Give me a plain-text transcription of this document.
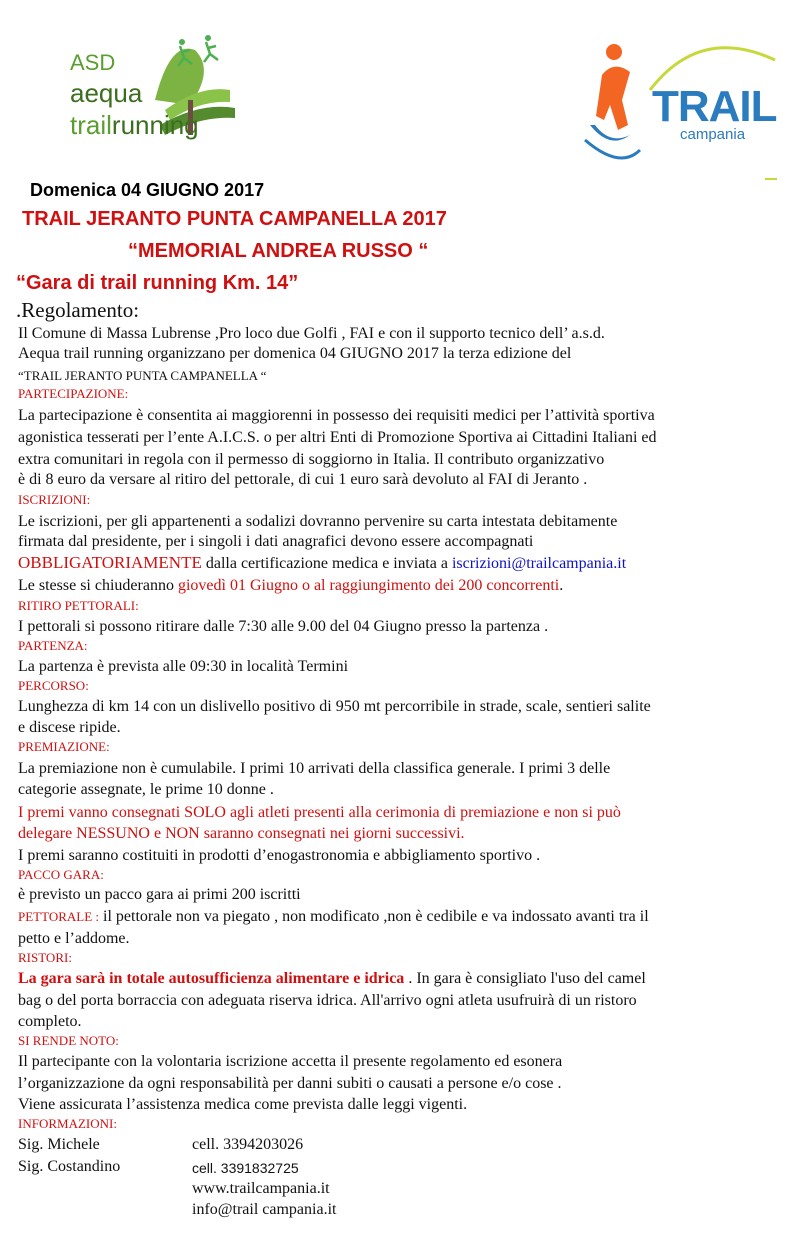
ASD
aequa
trailrunning	TRAIL
campania
Domenica 04 GIUGNO 2017
TRAIL JERANTO PUNTA CAMPANELLA 2017
“MEMORIAL ANDREA RUSSO “
“Gara di trail running Km. 14”
.Regolamento:
Il Comune di Massa Lubrense ,Pro loco due Golfi , FAI e con il supporto tecnico dell’ a.s.d.
Aequa trail running organizzano per domenica 04 GIUGNO 2017 la terza edizione del
“TRAIL JERANTO PUNTA CAMPANELLA “
PARTECIPAZIONE:
La partecipazione è consentita ai maggiorenni in possesso dei requisiti medici per l’attività sportiva
agonistica tesserati per l’ente A.I.C.S. o per altri Enti di Promozione Sportiva ai Cittadini Italiani ed
extra comunitari in regola con il permesso di soggiorno in Italia. Il contributo organizzativo
è di 8 euro da versare al ritiro del pettorale, di cui 1 euro sarà devoluto al FAI di Jeranto .
ISCRIZIONI:
Le iscrizioni, per gli appartenenti a sodalizi dovranno pervenire su carta intestata debitamente
firmata dal presidente, per i singoli i dati anagrafici devono essere accompagnati
OBBLIGATORIAMENTE dalla certificazione medica e inviata a iscrizioni@trailcampania.it
Le stesse si chiuderanno giovedì 01 Giugno o al raggiungimento dei 200 concorrenti.
RITIRO PETTORALI:
I pettorali si possono ritirare dalle 7:30 alle 9.00 del 04 Giugno presso la partenza .
PARTENZA:
La partenza è prevista alle 09:30 in località Termini
PERCORSO:
Lunghezza di km 14 con un dislivello positivo di 950 mt percorribile in strade, scale, sentieri salite
e discese ripide.
PREMIAZIONE:
La premiazione non è cumulabile. I primi 10 arrivati della classifica generale. I primi 3 delle
categorie assegnate, le prime 10 donne .
I premi vanno consegnati SOLO agli atleti presenti alla cerimonia di premiazione e non si può
delegare NESSUNO e NON saranno consegnati nei giorni successivi.
I premi saranno costituiti in prodotti d’enogastronomia e abbigliamento sportivo .
PACCO GARA:
è previsto un pacco gara ai primi 200 iscritti
PETTORALE : il pettorale non va piegato , non modificato ,non è cedibile e va indossato avanti tra il
petto e l’addome.
RISTORI:
La gara sarà in totale autosufficienza alimentare e idrica . In gara è consigliato l'uso del camel
bag o del porta borraccia con adeguata riserva idrica. All'arrivo ogni atleta usufruirà di un ristoro
completo.
SI RENDE NOTO:
Il partecipante con la volontaria iscrizione accetta il presente regolamento ed esonera
l’organizzazione da ogni responsabilità per danni subiti o causati a persone e/o cose .
Viene assicurata l’assistenza medica come prevista dalle leggi vigenti.
INFORMAZIONI:
Sig. Michele	cell. 3394203026
Sig. Costandino	cell. 3391832725
www.trailcampania.it
info@trail campania.it
